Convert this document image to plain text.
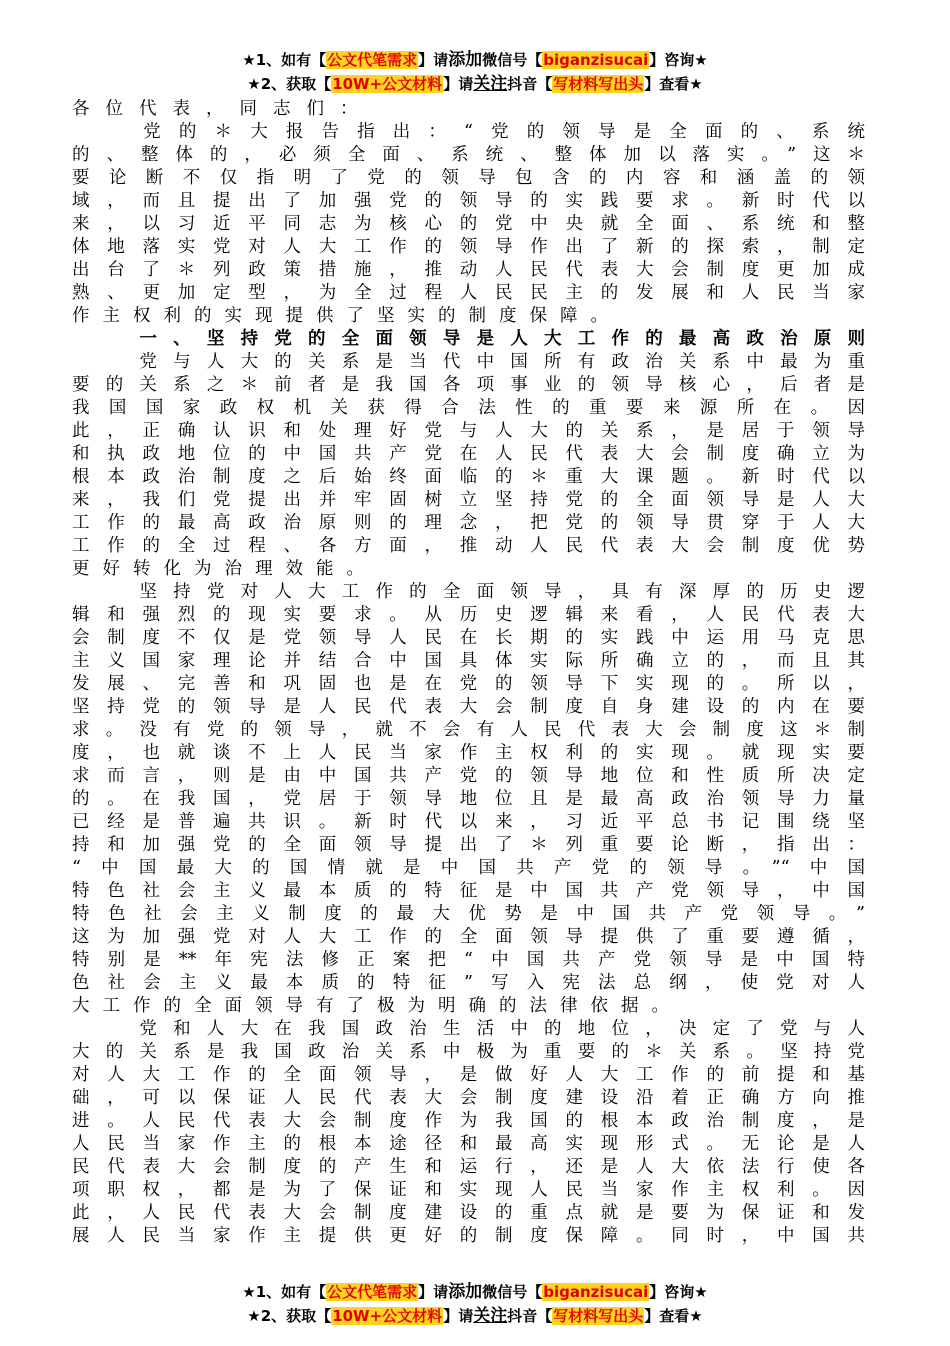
★1、如有【公文代笔需求】请添加微信号【biganzisucai】咨询★
★2、获取【10W+公文材料】请关注抖音【写材料写出头】查看★
各位代表，同志们：
　　党的＊大报告指出：“党的领导是全面的、系统
的、整体的，必须全面、系统、整体加以落实。”这＊
要论断不仅指明了党的领导包含的内容和涵盖的领
域，而且提出了加强党的领导的实践要求。新时代以
来，以习近平同志为核心的党中央就全面、系统和整
体地落实党对人大工作的领导作出了新的探索，制定
出台了＊列政策措施，推动人民代表大会制度更加成
熟、更加定型，为全过程人民民主的发展和人民当家
作主权利的实现提供了坚实的制度保障。
　　一、坚持党的全面领导是人大工作的最高政治原则
　　党与人大的关系是当代中国所有政治关系中最为重
要的关系之＊前者是我国各项事业的领导核心，后者是
我国国家政权机关获得合法性的重要来源所在。因
此，正确认识和处理好党与人大的关系，是居于领导
和执政地位的中国共产党在人民代表大会制度确立为
根本政治制度之后始终面临的＊重大课题。新时代以
来，我们党提出并牢固树立坚持党的全面领导是人大
工作的最高政治原则的理念，把党的领导贯穿于人大
工作的全过程、各方面，推动人民代表大会制度优势
更好转化为治理效能。
　　坚持党对人大工作的全面领导，具有深厚的历史逻
辑和强烈的现实要求。从历史逻辑来看，人民代表大
会制度不仅是党领导人民在长期的实践中运用马克思
主义国家理论并结合中国具体实际所确立的，而且其
发展、完善和巩固也是在党的领导下实现的。所以，
坚持党的领导是人民代表大会制度自身建设的内在要
求。没有党的领导，就不会有人民代表大会制度这＊制
度，也就谈不上人民当家作主权利的实现。就现实要
求而言，则是由中国共产党的领导地位和性质所决定
的。在我国，党居于领导地位且是最高政治领导力量
已经是普遍共识。新时代以来，习近平总书记围绕坚
持和加强党的全面领导提出了＊列重要论断，指出：
“中国最大的国情就是中国共产党的领导。”“中国
特色社会主义最本质的特征是中国共产党领导，中国
特色社会主义制度的最大优势是中国共产党领导。”
这为加强党对人大工作的全面领导提供了重要遵循，
特别是**年宪法修正案把“中国共产党领导是中国特
色社会主义最本质的特征”写入宪法总纲，使党对人
大工作的全面领导有了极为明确的法律依据。
　　党和人大在我国政治生活中的地位，决定了党与人
大的关系是我国政治关系中极为重要的＊关系。坚持党
对人大工作的全面领导，是做好人大工作的前提和基
础，可以保证人民代表大会制度建设沿着正确方向推
进。人民代表大会制度作为我国的根本政治制度，是
人民当家作主的根本途径和最高实现形式。无论是人
民代表大会制度的产生和运行，还是人大依法行使各
项职权，都是为了保证和实现人民当家作主权利。因
此，人民代表大会制度建设的重点就是要为保证和发
展人民当家作主提供更好的制度保障。同时，中国共
★1、如有【公文代笔需求】请添加微信号【biganzisucai】咨询★
★2、获取【10W+公文材料】请关注抖音【写材料写出头】查看★
